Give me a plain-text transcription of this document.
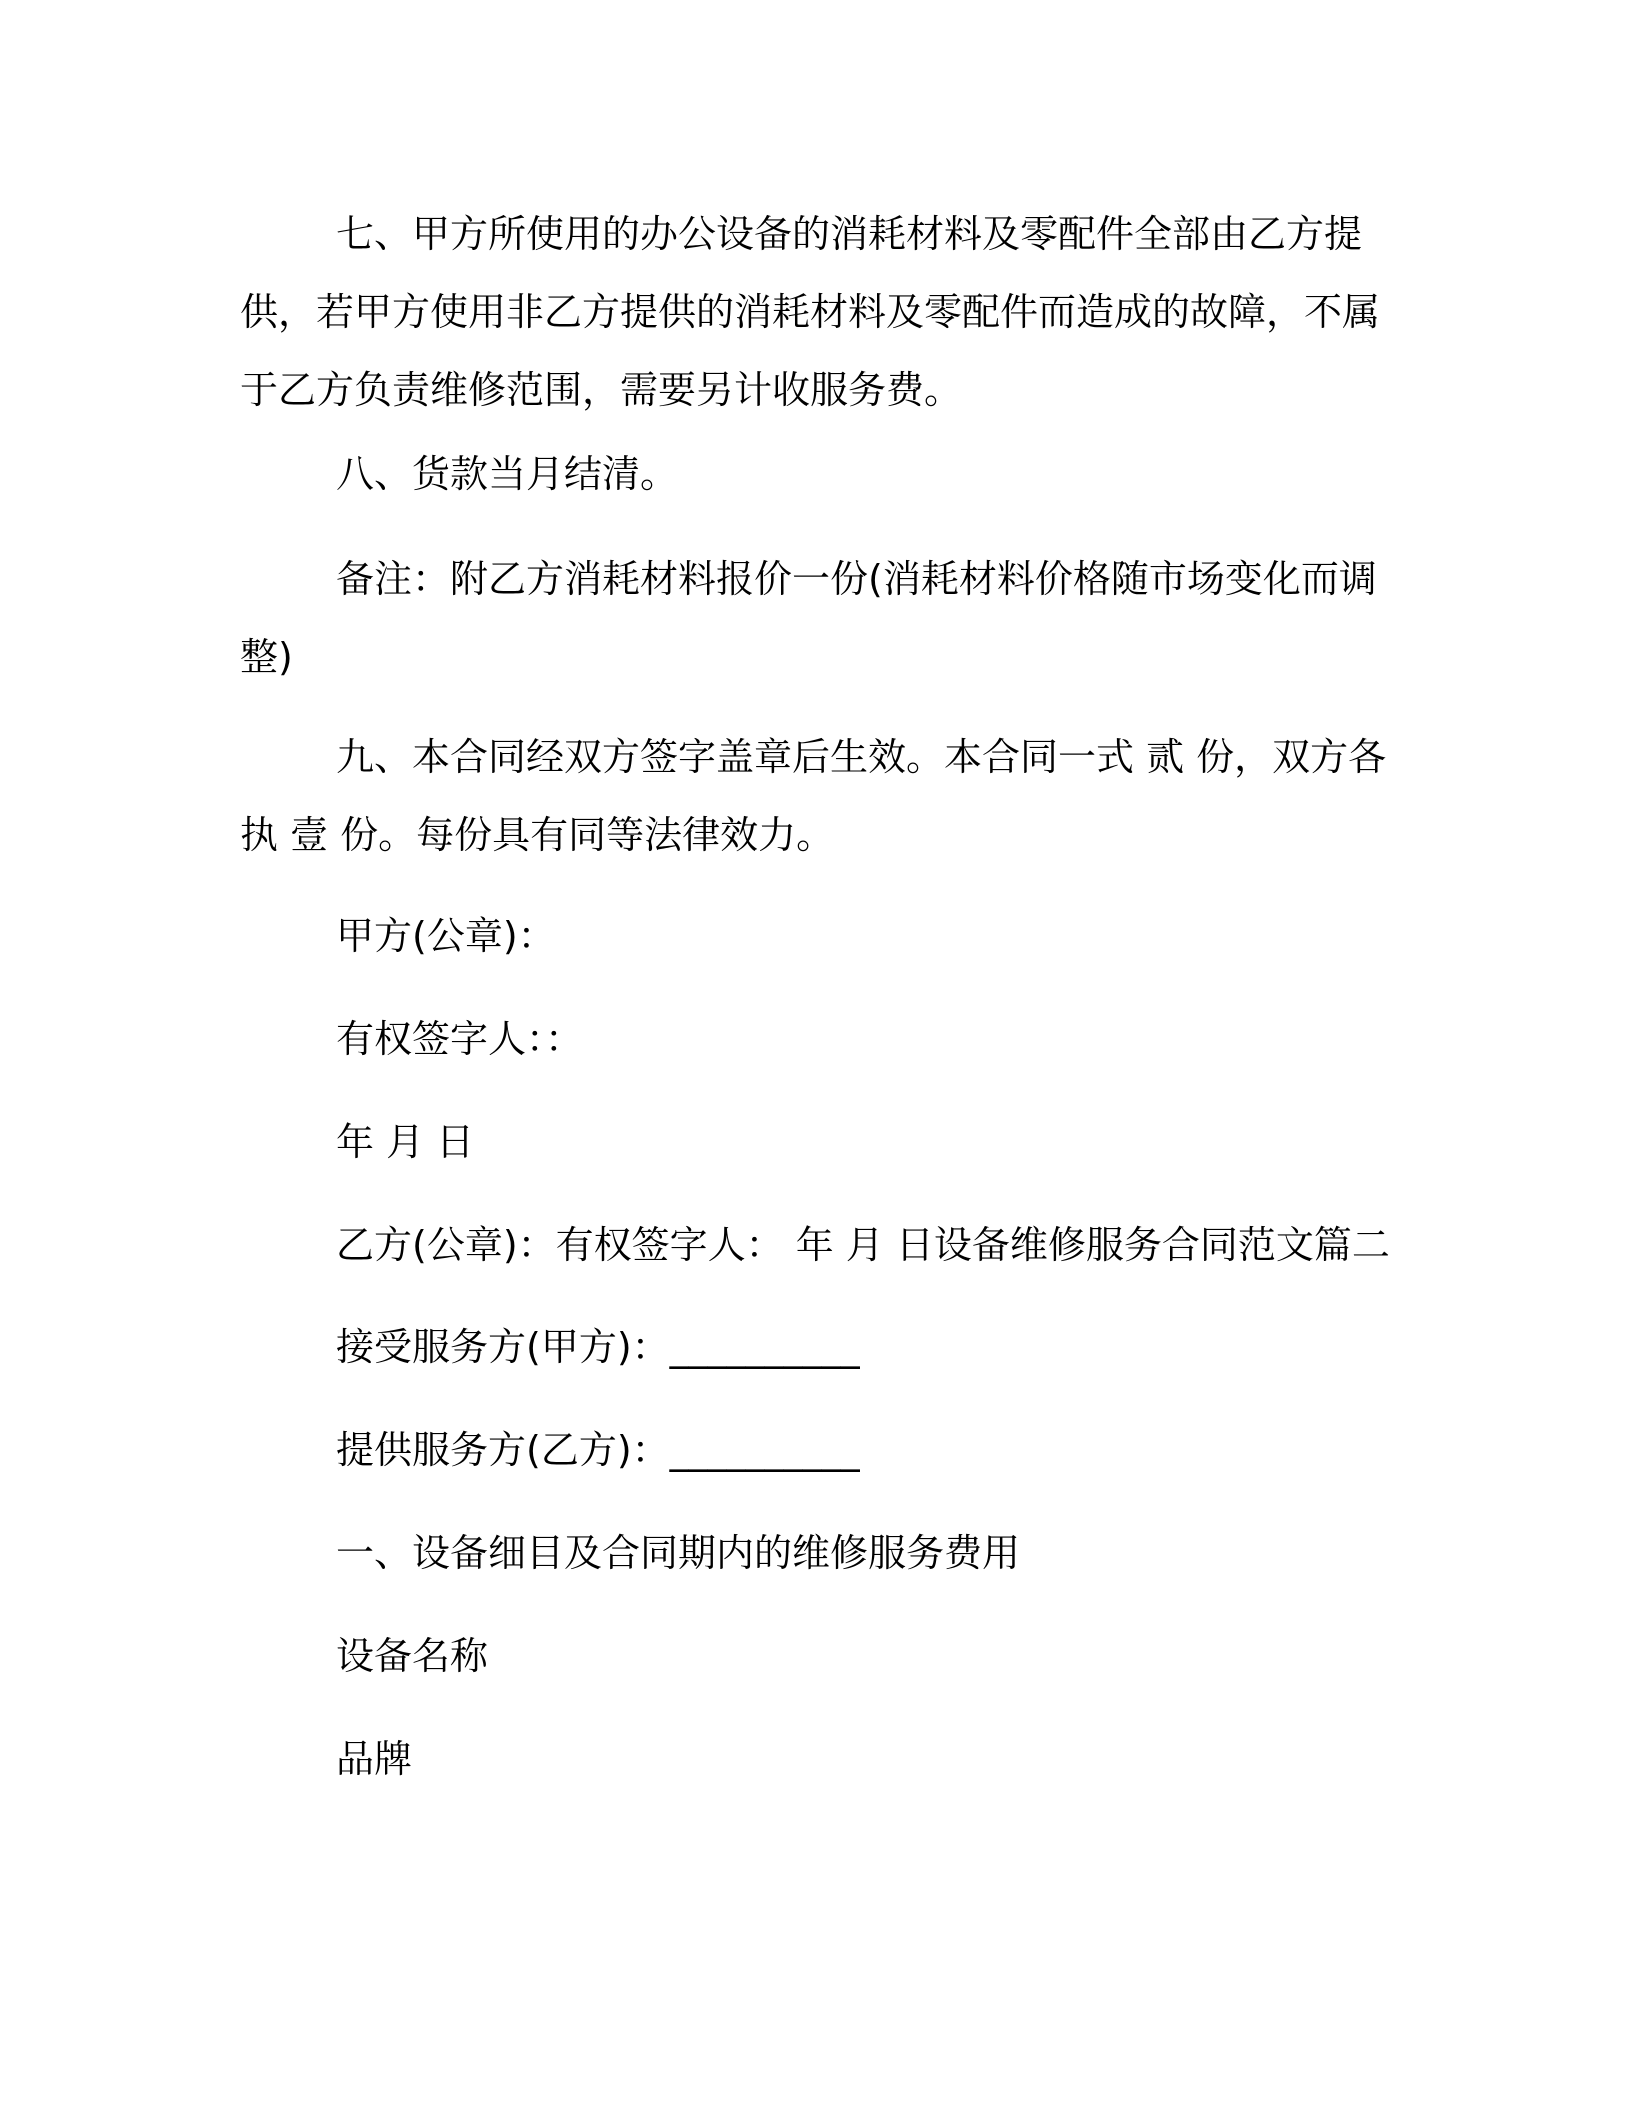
七、甲方所使用的办公设备的消耗材料及零配件全部由乙方提供，若甲方使用非乙方提供的消耗材料及零配件而造成的故障，不属于乙方负责维修范围，需要另计收服务费。

八、货款当月结清。

备注：附乙方消耗材料报价一份(消耗材料价格随市场变化而调整)

九、本合同经双方签字盖章后生效。本合同一式 贰 份，双方各执 壹 份。每份具有同等法律效力。

甲方(公章)：

有权签字人：：

年 月 日

乙方(公章)：有权签字人： 年 月 日设备维修服务合同范文篇二

接受服务方(甲方)：__________

提供服务方(乙方)：__________

一、设备细目及合同期内的维修服务费用

设备名称

品牌
